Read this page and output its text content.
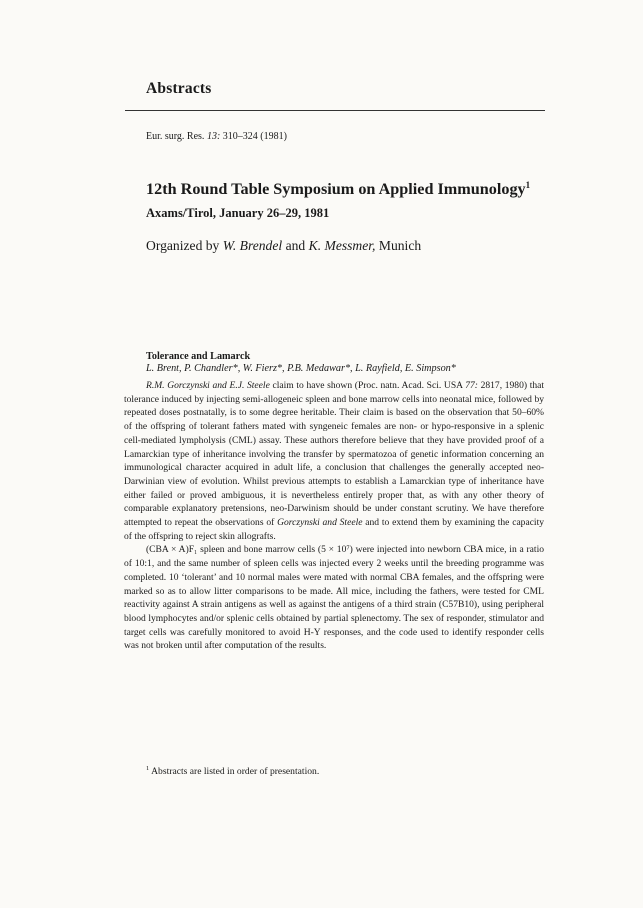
Abstracts
Eur. surg. Res. 13: 310–324 (1981)
12th Round Table Symposium on Applied Immunology$^1$
Axams/Tirol, January 26–29, 1981
Organized by W. Brendel and K. Messmer, Munich
Tolerance and Lamarck
L. Brent, P. Chandler*, W. Fierz*, P.B. Medawar*, L. Rayfield, E. Simpson*

R.M. Gorczynski and E.J. Steele claim to have shown (Proc. natn. Acad. Sci. USA 77: 2817, 1980) that tolerance induced by injecting semi-allogeneic spleen and bone marrow cells into neonatal mice, followed by repeated doses postnatally, is to some degree heritable. Their claim is based on the observation that 50–60% of the offspring of tolerant fathers mated with syngeneic females are non- or hypo-responsive in a splenic cell-mediated lympholysis (CML) assay. These authors therefore believe that they have provided proof of a Lamarckian type of inheritance involving the transfer by spermatozoa of genetic information concerning an immunological character acquired in adult life, a conclusion that challenges the generally accepted neo-Darwinian view of evolution. Whilst previous attempts to establish a Lamarckian type of inheritance have either failed or proved ambiguous, it is nevertheless entirely proper that, as with any other theory of comparable explanatory pretensions, neo-Darwinism should be under constant scrutiny. We have therefore attempted to repeat the observations of Gorczynski and Steele and to extend them by examining the capacity of the offspring to reject skin allografts.

(CBA × A)F₁ spleen and bone marrow cells (5 × 10⁷) were injected into newborn CBA mice, in a ratio of 10:1, and the same number of spleen cells was injected every 2 weeks until the breeding programme was completed. 10 ‘tolerant’ and 10 normal males were mated with normal CBA females, and the offspring were marked so as to allow litter comparisons to be made. All mice, including the fathers, were tested for CML reactivity against A strain antigens as well as against the antigens of a third strain (C57B10), using peripheral blood lymphocytes and/or splenic cells obtained by partial splenectomy. The sex of responder, stimulator and target cells was carefully monitored to avoid H-Y responses, and the code used to identify responder cells was not broken until after computation of the results.

$^1$ Abstracts are listed in order of presentation.
